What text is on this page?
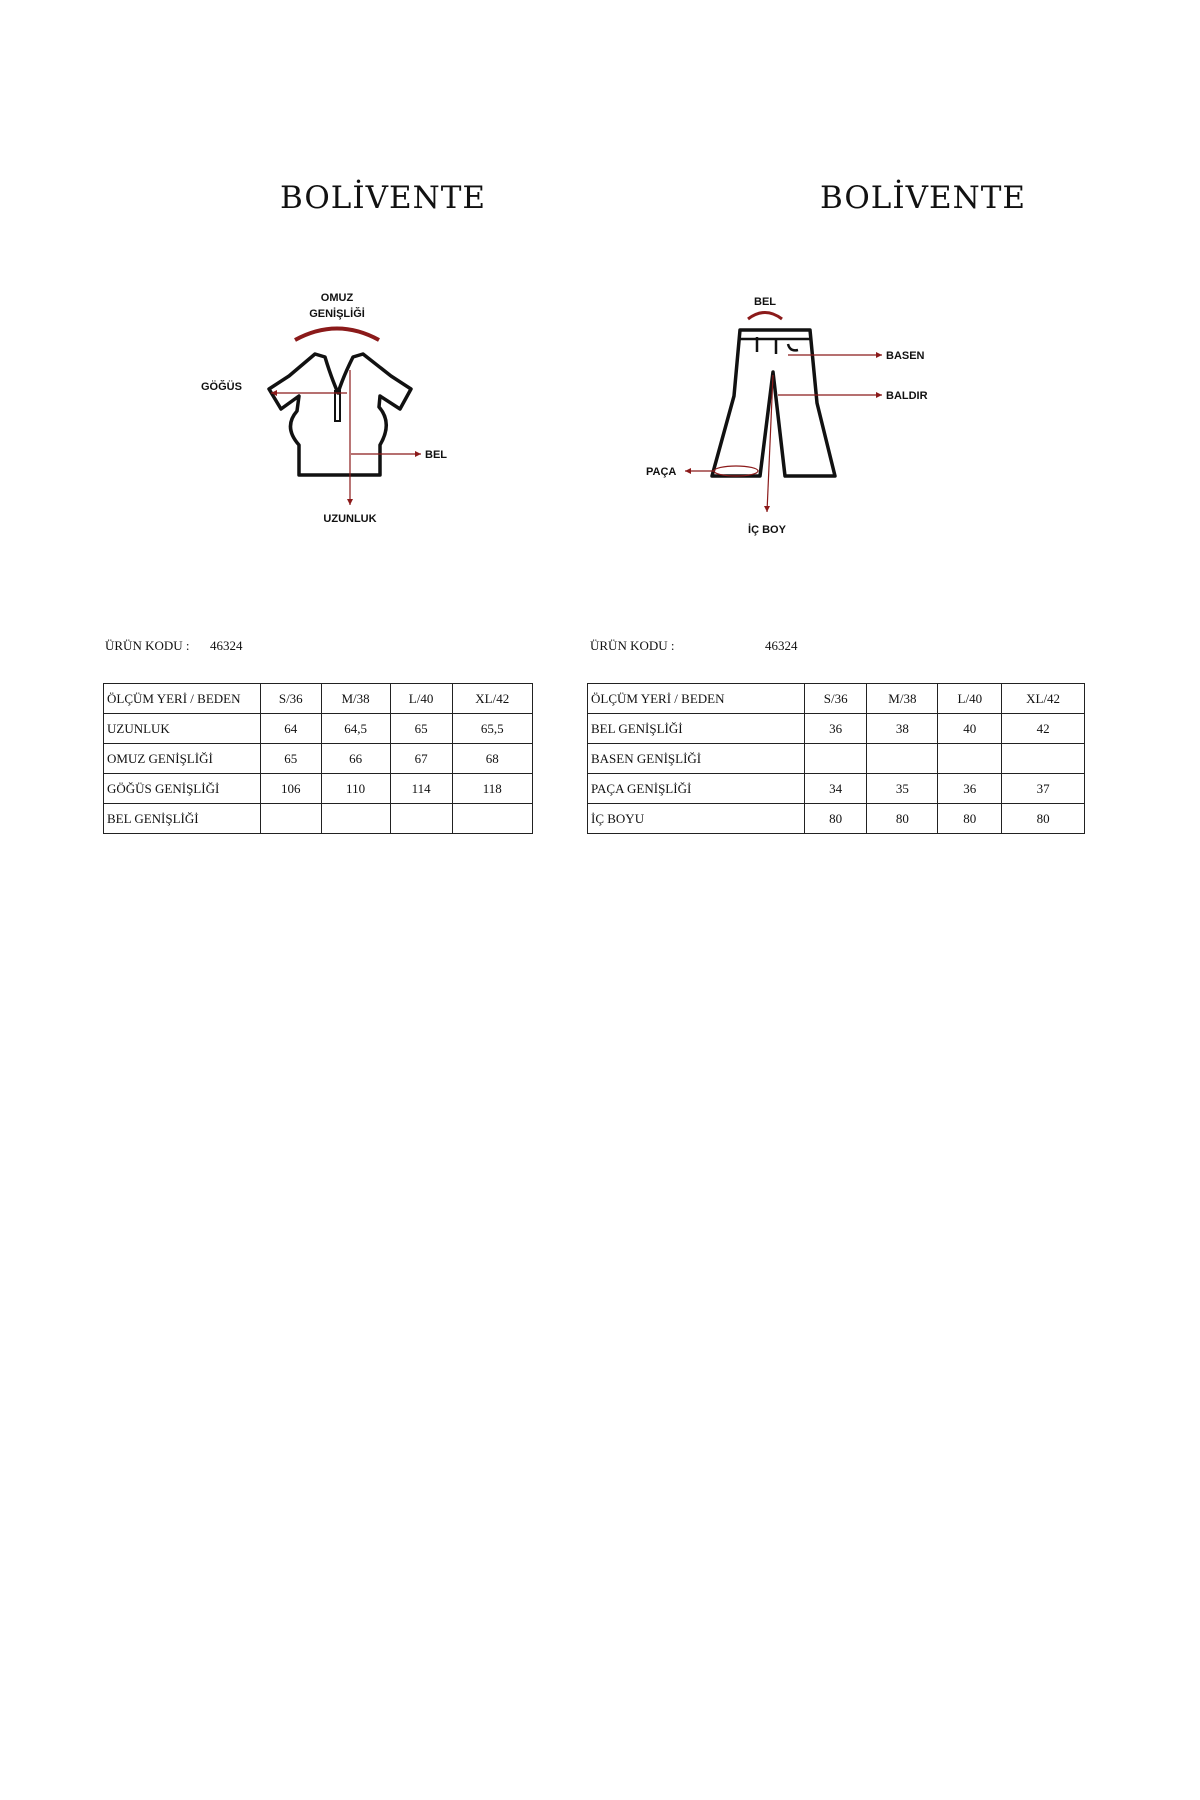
BOLİVENTE	BOLİVENTE
OMUZ
GENİŞLİĞİ
GÖĞÜS
BEL
UZUNLUK
BEL
BASEN
BALDIR
PAÇA
İÇ BOY
ÜRÜN KODU : 46324	ÜRÜN KODU :	46324
ÖLÇÜM YERİ / BEDEN	S/36	M/38	L/40	XL/42
UZUNLUK	64	64,5	65	65,5
OMUZ GENİŞLİĞİ	65	66	67	68
GÖĞÜS GENİŞLİĞİ	106	110	114	118
BEL GENİŞLİĞİ				
ÖLÇÜM YERİ / BEDEN	S/36	M/38	L/40	XL/42
BEL GENİŞLİĞİ	36	38	40	42
BASEN GENİŞLİĞİ				
PAÇA GENİŞLİĞİ	34	35	36	37
İÇ BOYU	80	80	80	80
